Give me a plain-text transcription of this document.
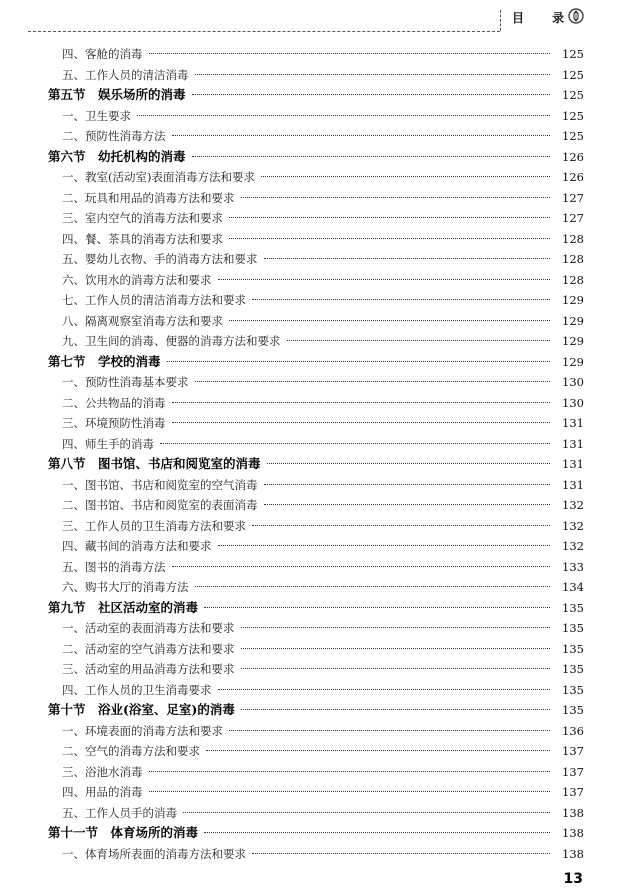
目 录
四、客舱的消毒	125
五、工作人员的清洁消毒	125
第五节　娱乐场所的消毒	125
一、卫生要求	125
二、预防性消毒方法	125
第六节　幼托机构的消毒	126
一、教室(活动室)表面消毒方法和要求	126
二、玩具和用品的消毒方法和要求	127
三、室内空气的消毒方法和要求	127
四、餐、茶具的消毒方法和要求	128
五、婴幼儿衣物、手的消毒方法和要求	128
六、饮用水的消毒方法和要求	128
七、工作人员的清洁消毒方法和要求	129
八、隔离观察室消毒方法和要求	129
九、卫生间的消毒、便器的消毒方法和要求	129
第七节　学校的消毒	129
一、预防性消毒基本要求	130
二、公共物品的消毒	130
三、环境预防性消毒	131
四、师生手的消毒	131
第八节　图书馆、书店和阅览室的消毒	131
一、图书馆、书店和阅览室的空气消毒	131
二、图书馆、书店和阅览室的表面消毒	132
三、工作人员的卫生消毒方法和要求	132
四、藏书间的消毒方法和要求	132
五、图书的消毒方法	133
六、购书大厅的消毒方法	134
第九节　社区活动室的消毒	135
一、活动室的表面消毒方法和要求	135
二、活动室的空气消毒方法和要求	135
三、活动室的用品消毒方法和要求	135
四、工作人员的卫生消毒要求	135
第十节　浴业(浴室、足室)的消毒	135
一、环境表面的消毒方法和要求	136
二、空气的消毒方法和要求	137
三、浴池水消毒	137
四、用品的消毒	137
五、工作人员手的消毒	138
第十一节　体育场所的消毒	138
一、体育场所表面的消毒方法和要求	138
13
